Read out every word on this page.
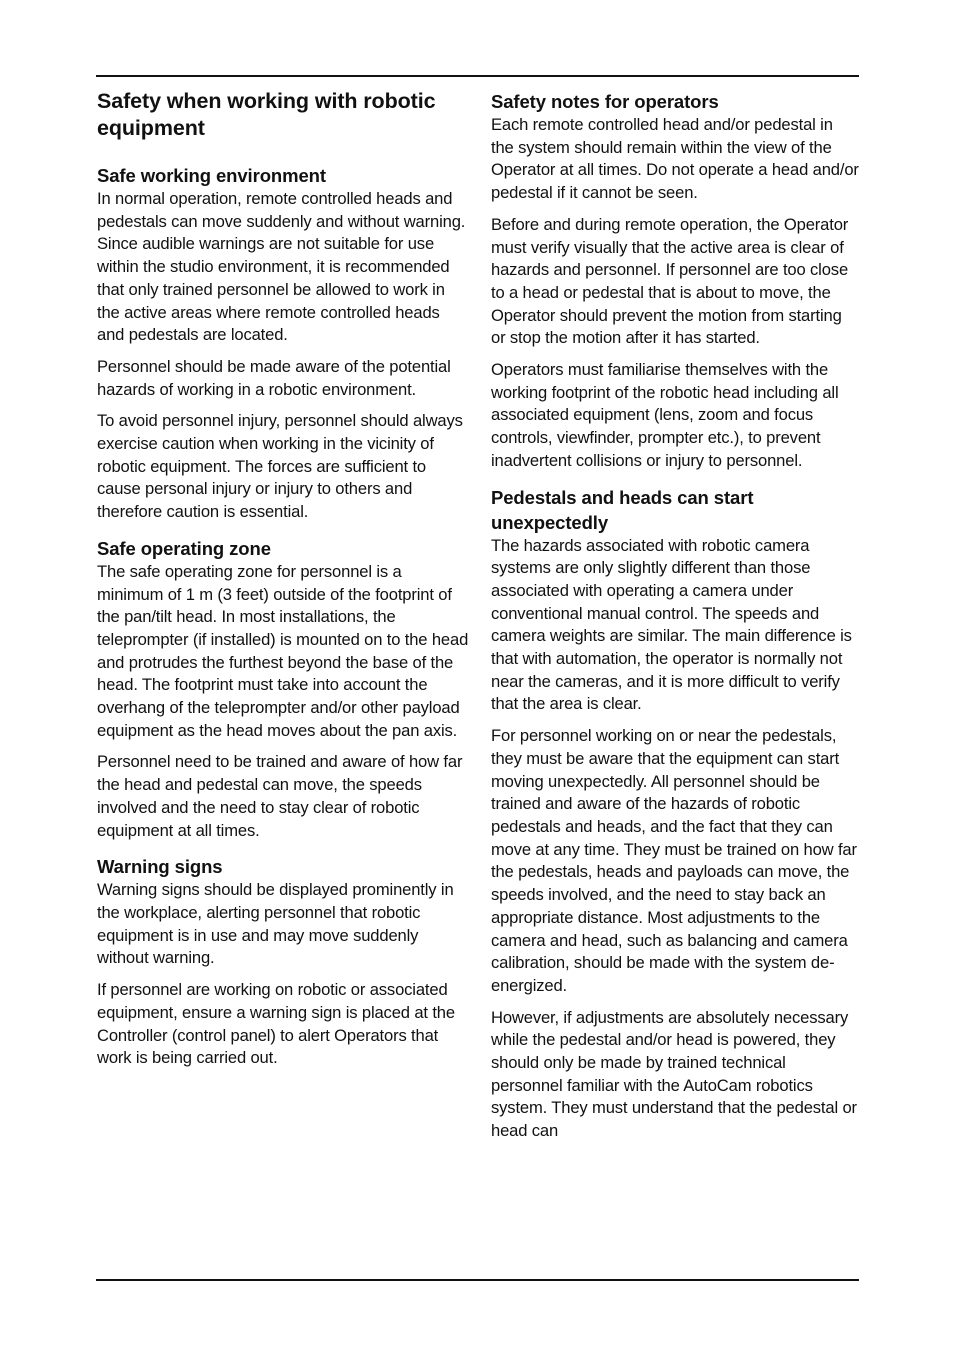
Safety when working with robotic equipment
Safe working environment

In normal operation, remote controlled heads and pedestals can move suddenly and without warning. Since audible warnings are not suitable for use within the studio environment, it is recommended that only trained personnel be allowed to work in the active areas where remote controlled heads and pedestals are located.

Personnel should be made aware of the potential hazards of working in a robotic environment.

To avoid personnel injury, personnel should always exercise caution when working in the vicinity of robotic equipment. The forces are sufficient to cause personal injury or injury to others and therefore caution is essential.

Safe operating zone

The safe operating zone for personnel is a minimum of 1 m (3 feet) outside of the footprint of the pan/tilt head. In most installations, the teleprompter (if installed) is mounted on to the head and protrudes the furthest beyond the base of the head. The footprint must take into account the overhang of the teleprompter and/or other payload equipment as the head moves about the pan axis.

Personnel need to be trained and aware of how far the head and pedestal can move, the speeds involved and the need to stay clear of robotic equipment at all times.

Warning signs

Warning signs should be displayed prominently in the workplace, alerting personnel that robotic equipment is in use and may move suddenly without warning.

If personnel are working on robotic or associated equipment, ensure a warning sign is placed at the Controller (control panel) to alert Operators that work is being carried out.

Safety notes for operators

Each remote controlled head and/or pedestal in the system should remain within the view of the Operator at all times. Do not operate a head and/or pedestal if it cannot be seen.

Before and during remote operation, the Operator must verify visually that the active area is clear of hazards and personnel. If personnel are too close to a head or pedestal that is about to move, the Operator should prevent the motion from starting or stop the motion after it has started.

Operators must familiarise themselves with the working footprint of the robotic head including all associated equipment (lens, zoom and focus controls, viewfinder, prompter etc.), to prevent inadvertent collisions or injury to personnel.

Pedestals and heads can start unexpectedly

The hazards associated with robotic camera systems are only slightly different than those associated with operating a camera under conventional manual control. The speeds and camera weights are similar. The main difference is that with automation, the operator is normally not near the cameras, and it is more difficult to verify that the area is clear.

For personnel working on or near the pedestals, they must be aware that the equipment can start moving unexpectedly. All personnel should be trained and aware of the hazards of robotic pedestals and heads, and the fact that they can move at any time. They must be trained on how far the pedestals, heads and payloads can move, the speeds involved, and the need to stay back an appropriate distance. Most adjustments to the camera and head, such as balancing and camera calibration, should be made with the system de-energized.

However, if adjustments are absolutely necessary while the pedestal and/or head is powered, they should only be made by trained technical personnel familiar with the AutoCam robotics system. They must understand that the pedestal or head can
